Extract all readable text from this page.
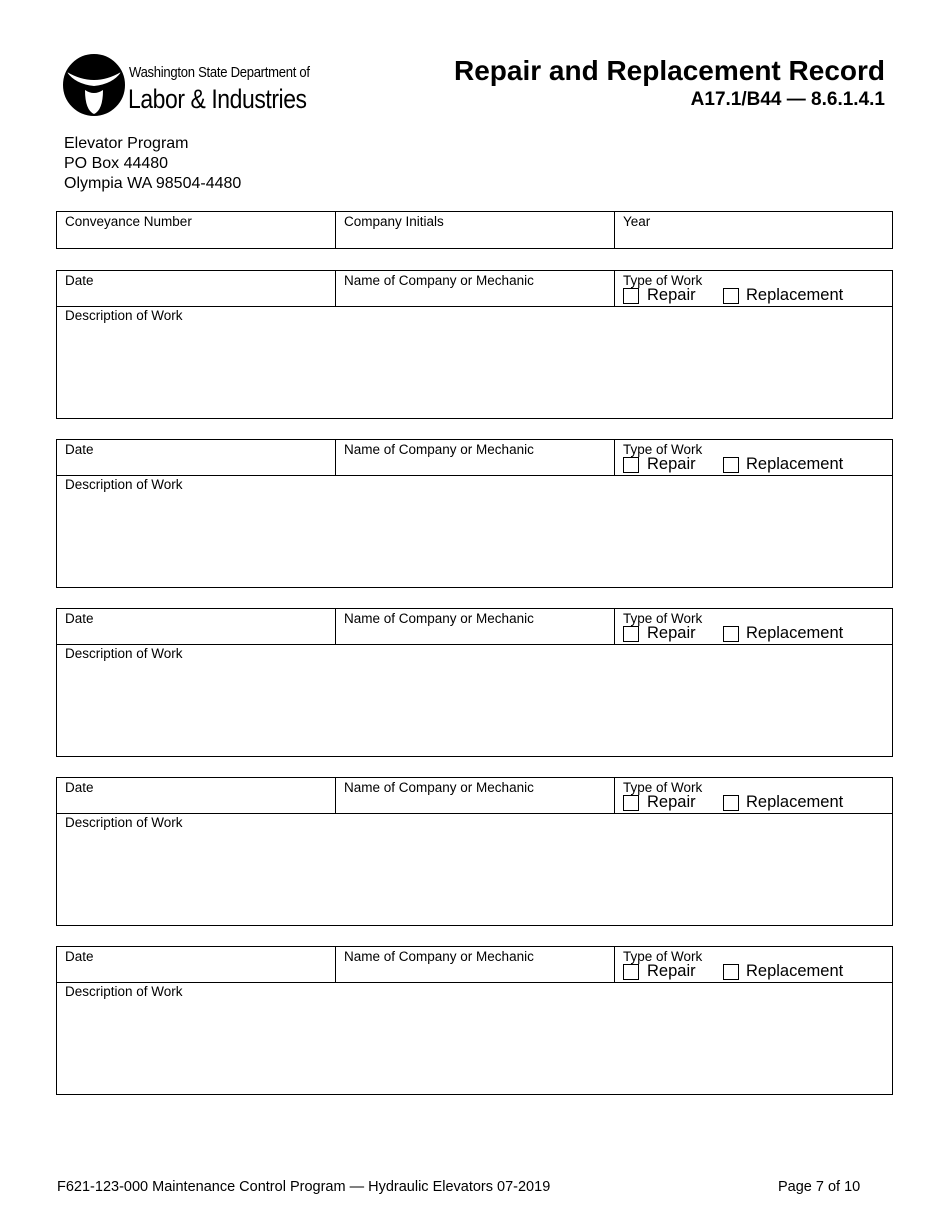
Washington State Department of
Labor & Industries
Repair and Replacement Record
A17.1/B44 — 8.6.1.4.1
Elevator Program
PO Box 44480
Olympia WA 98504-4480
Conveyance Number	Company Initials	Year
Date	Name of Company or Mechanic	Type of Work
Repair	Replacement
Description of Work
Date	Name of Company or Mechanic	Type of Work
Repair	Replacement
Description of Work
Date	Name of Company or Mechanic	Type of Work
Repair	Replacement
Description of Work
Date	Name of Company or Mechanic	Type of Work
Repair	Replacement
Description of Work
Date	Name of Company or Mechanic	Type of Work
Repair	Replacement
Description of Work
F621-123-000 Maintenance Control Program — Hydraulic Elevators 07-2019	Page 7 of 10
